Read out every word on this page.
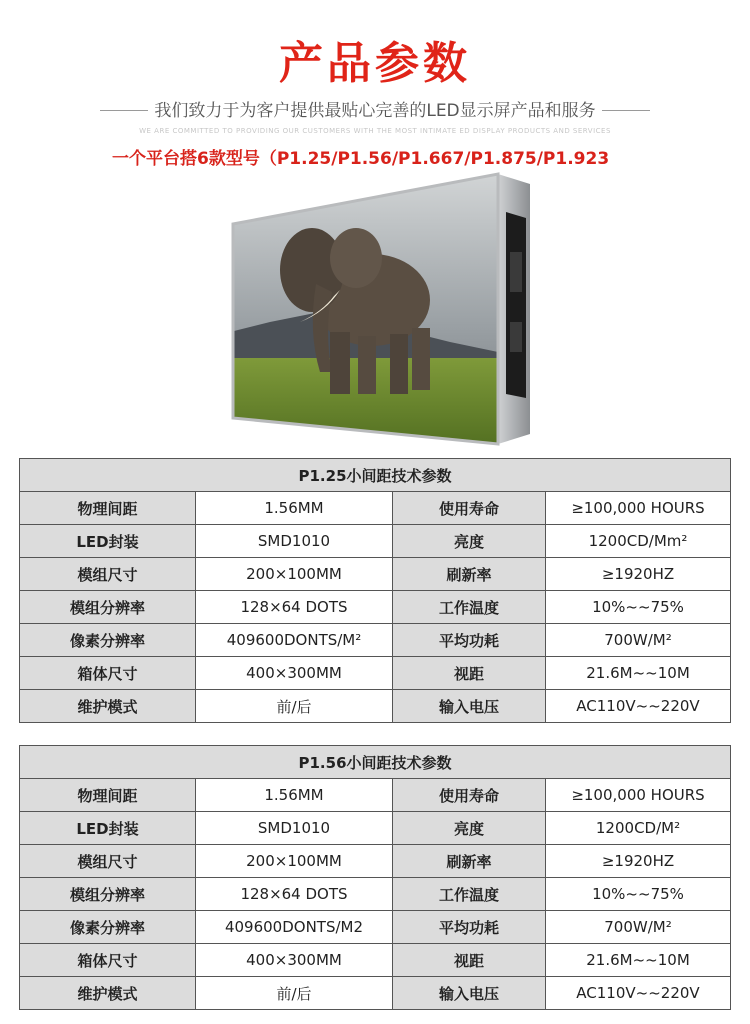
产品参数
我们致力于为客户提供最贴心完善的LED显示屏产品和服务
WE ARE COMMITTED TO PROVIDING OUR CUSTOMERS WITH THE MOST INTIMATE ED DISPLAY PRODUCTS AND SERVICES
一个平台搭6款型号（P1.25/P1.56/P1.667/P1.875/P1.923
P1.25小间距技术参数			
物理间距	1.56MM	使用寿命	≥100,000 HOURS
LED封装	SMD1010	亮度	1200CD/Mm²
模组尺寸	200×100MM	刷新率	≥1920HZ
模组分辨率	128×64 DOTS	工作温度	10%~~75%
像素分辨率	409600DONTS/M²	平均功耗	700W/M²
箱体尺寸	400×300MM	视距	21.6M~~10M
维护模式	前/后	输入电压	AC110V~~220V
P1.56小间距技术参数			
物理间距	1.56MM	使用寿命	≥100,000 HOURS
LED封装	SMD1010	亮度	1200CD/M²
模组尺寸	200×100MM	刷新率	≥1920HZ
模组分辨率	128×64 DOTS	工作温度	10%~~75%
像素分辨率	409600DONTS/M2	平均功耗	700W/M²
箱体尺寸	400×300MM	视距	21.6M~~10M
维护模式	前/后	输入电压	AC110V~~220V
